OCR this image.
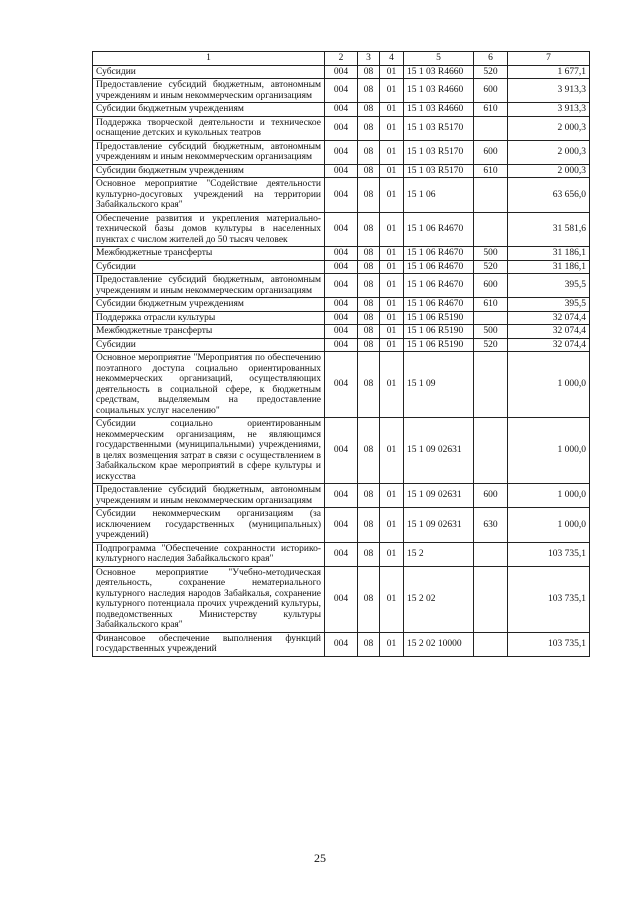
1	2	3	4	5	6	7
Субсидии	004	08	01	15 1 03 R4660	520	1 677,1
Предоставление субсидий бюджетным, автономным учреждениям и иным некоммерческим организациям	004	08	01	15 1 03 R4660	600	3 913,3
Субсидии бюджетным учреждениям	004	08	01	15 1 03 R4660	610	3 913,3
Поддержка творческой деятельности и техническое оснащение детских и кукольных театров	004	08	01	15 1 03 R5170		2 000,3
Предоставление субсидий бюджетным, автономным учреждениям и иным некоммерческим организациям	004	08	01	15 1 03 R5170	600	2 000,3
Субсидии бюджетным учреждениям	004	08	01	15 1 03 R5170	610	2 000,3
Основное мероприятие "Содействие деятельности культурно-досуговых учреждений на территории Забайкальского края"	004	08	01	15 1 06		63 656,0
Обеспечение развития и укрепления материально-технической базы домов культуры в населенных пунктах с числом жителей до 50 тысяч человек	004	08	01	15 1 06 R4670		31 581,6
Межбюджетные трансферты	004	08	01	15 1 06 R4670	500	31 186,1
Субсидии	004	08	01	15 1 06 R4670	520	31 186,1
Предоставление субсидий бюджетным, автономным учреждениям и иным некоммерческим организациям	004	08	01	15 1 06 R4670	600	395,5
Субсидии бюджетным учреждениям	004	08	01	15 1 06 R4670	610	395,5
Поддержка отрасли культуры	004	08	01	15 1 06 R5190		32 074,4
Межбюджетные трансферты	004	08	01	15 1 06 R5190	500	32 074,4
Субсидии	004	08	01	15 1 06 R5190	520	32 074,4
Основное мероприятие "Мероприятия по обеспечению поэтапного доступа социально ориентированных некоммерческих организаций, осуществляющих деятельность в социальной сфере, к бюджетным средствам, выделяемым на предоставление социальных услуг населению"	004	08	01	15 1 09		1 000,0
Субсидии социально ориентированным некоммерческим организациям, не являющимся государственными (муниципальными) учреждениями, в целях возмещения затрат в связи с осуществлением в Забайкальском крае мероприятий в сфере культуры и искусства	004	08	01	15 1 09 02631		1 000,0
Предоставление субсидий бюджетным, автономным учреждениям и иным некоммерческим организациям	004	08	01	15 1 09 02631	600	1 000,0
Субсидии некоммерческим организациям (за исключением государственных (муниципальных) учреждений)	004	08	01	15 1 09 02631	630	1 000,0
Подпрограмма "Обеспечение сохранности историко-культурного наследия Забайкальского края"	004	08	01	15 2		103 735,1
Основное мероприятие "Учебно-методическая деятельность, сохранение нематериального культурного наследия народов Забайкалья, сохранение культурного потенциала прочих учреждений культуры, подведомственных Министерству культуры Забайкальского края"	004	08	01	15 2 02		103 735,1
Финансовое обеспечение выполнения функций государственных учреждений	004	08	01	15 2 02 10000		103 735,1
25
